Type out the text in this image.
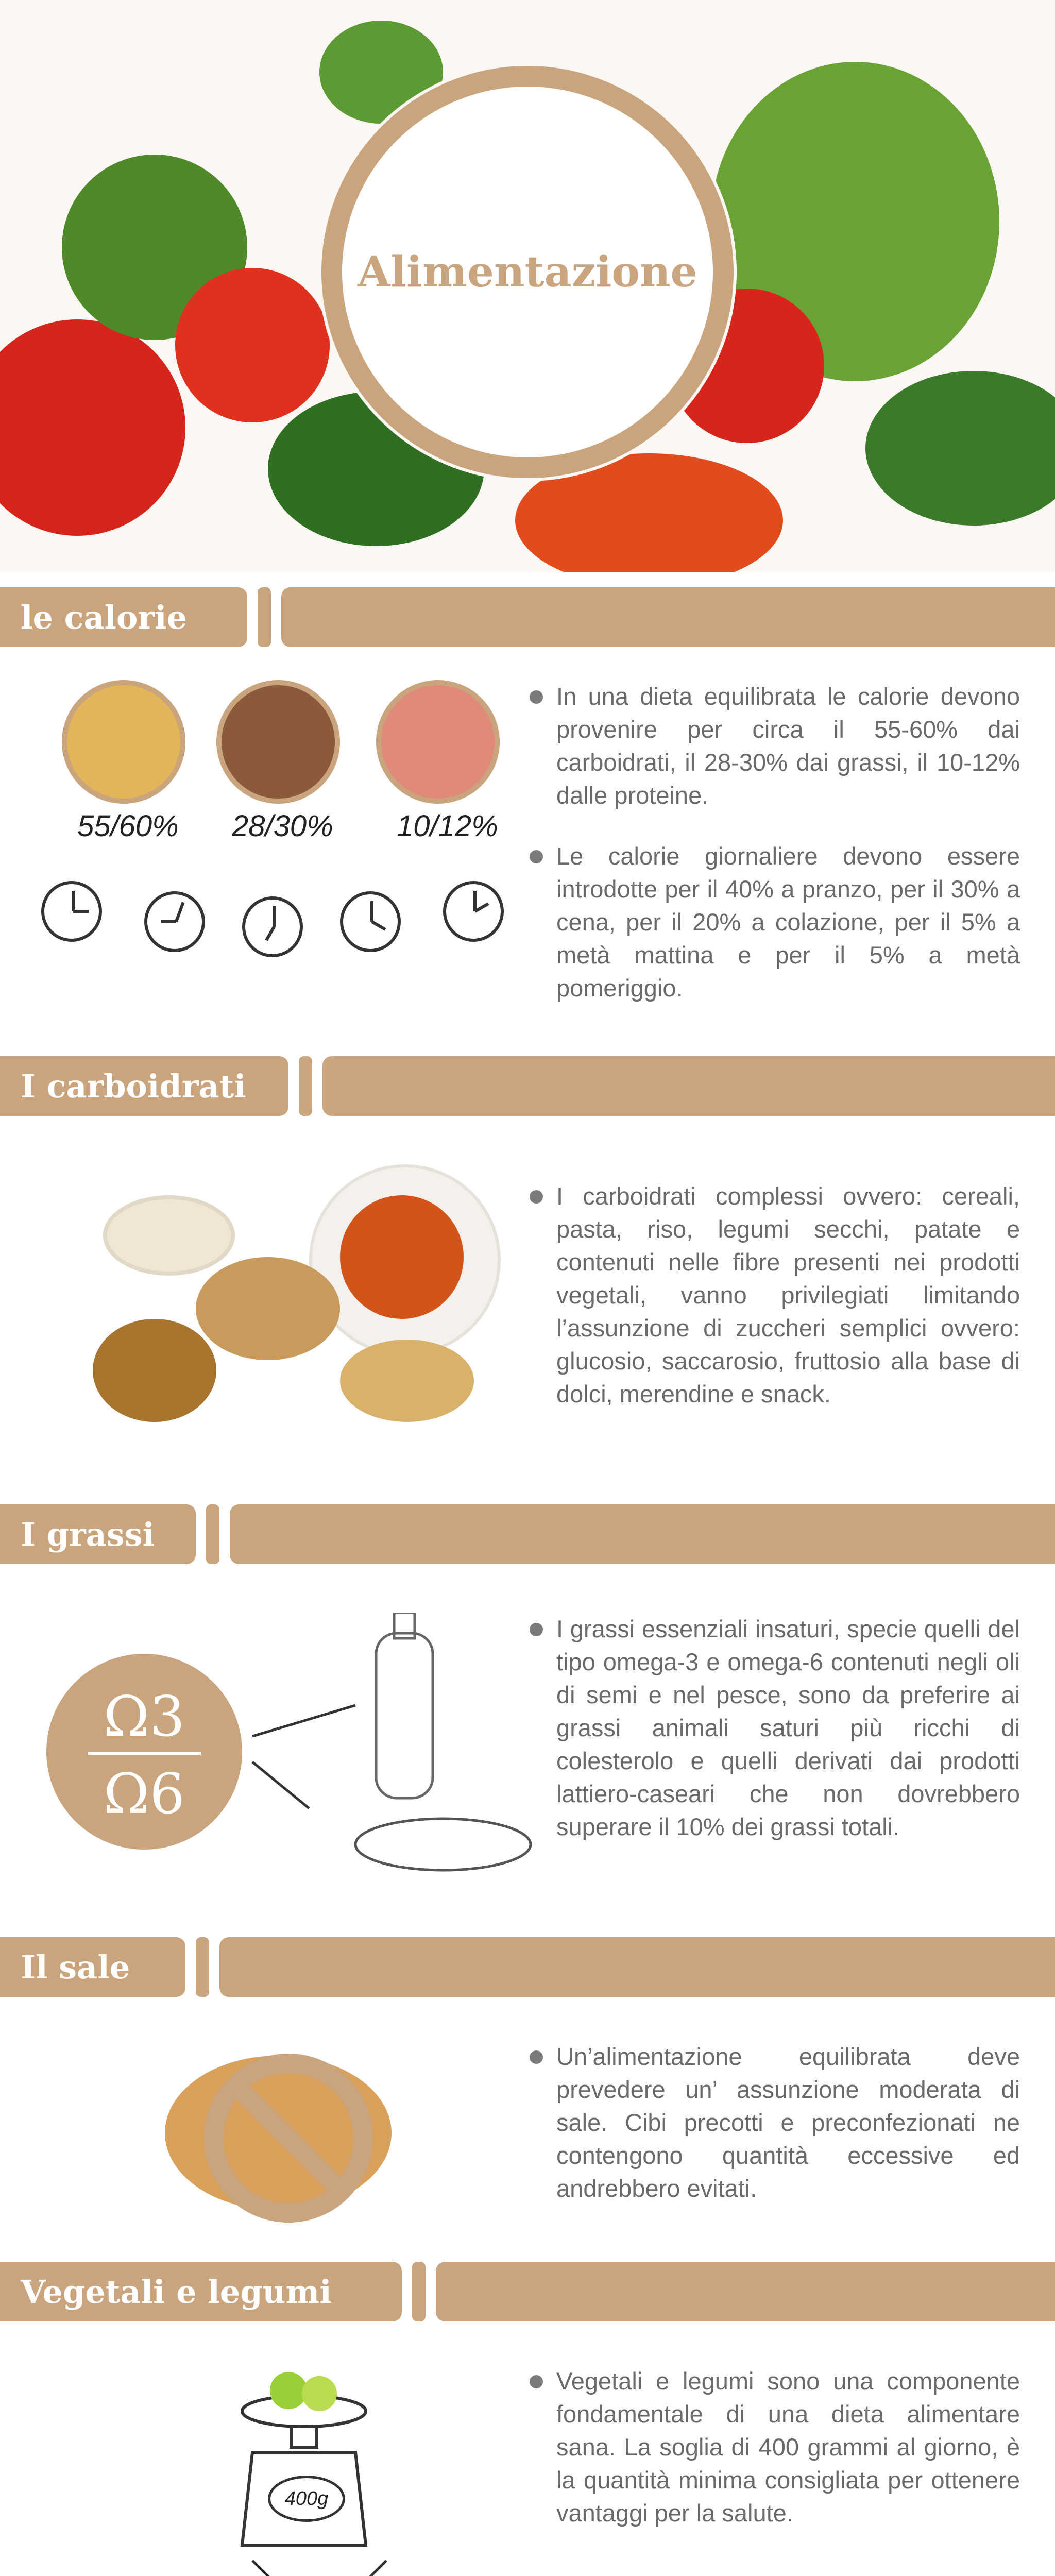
Alimentazione
le calorie
55/60% 28/30% 10/12%
In una dieta equilibrata le calorie devono provenire per circa il 55-60% dai carboidrati, il 28-30% dai grassi, il 10-12% dalle proteine.
Le calorie giornaliere devono essere introdotte per il 40% a pranzo, per il 30% a cena, per il 20% a colazione, per il 5% a metà mattina e per il 5% a metà pomeriggio.
I carboidrati
I carboidrati complessi ovvero: cereali, pasta, riso, legumi secchi, patate e contenuti nelle fibre presenti nei prodotti vegetali, vanno privilegiati limitando l’assunzione di zuccheri semplici ovvero: glucosio, saccarosio, fruttosio alla base di dolci, merendine e snack.
I grassi
Ω3
Ω6
I grassi essenziali insaturi, specie quelli del tipo omega-3 e omega-6 contenuti negli oli di semi e nel pesce, sono da preferire ai grassi animali saturi più ricchi di colesterolo e quelli derivati dai prodotti lattiero-caseari che non dovrebbero superare il 10% dei grassi totali.
Il sale
Un’alimentazione equilibrata deve prevedere un’ assunzione moderata di sale. Cibi precotti e preconfezionati ne contengono quantità eccessive ed andrebbero evitati.
Vegetali e legumi
400g
Vegetali e legumi sono una componente fondamentale di una dieta alimentare sana. La soglia di 400 grammi al giorno, è la quantità minima consigliata per ottenere vantaggi per la salute.
